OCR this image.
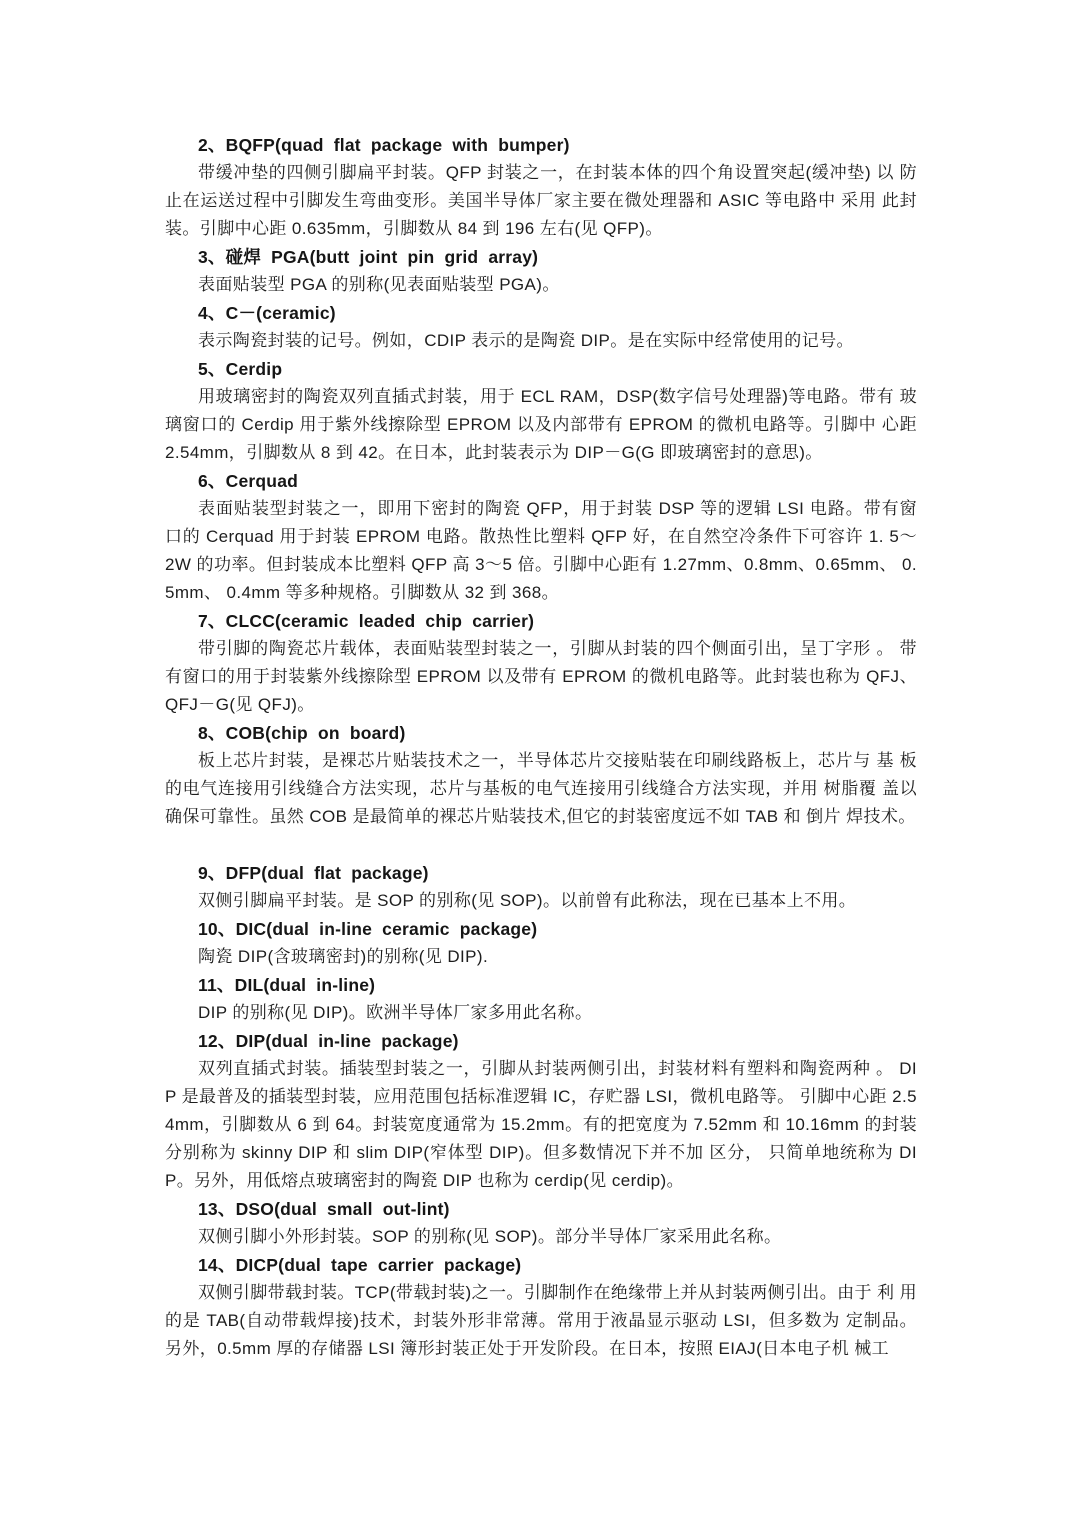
2、BQFP(quad flat package with bumper)

带缓冲垫的四侧引脚扁平封装。QFP 封装之一，在封装本体的四个角设置突起(缓冲垫) 以 防止在运送过程中引脚发生弯曲变形。美国半导体厂家主要在微处理器和 ASIC 等电路中 采用 此封装。引脚中心距 0.635mm，引脚数从 84 到 196 左右(见 QFP)。

3、碰焊 PGA(butt joint pin grid array)

表面贴装型 PGA 的别称(见表面贴装型 PGA)。

4、C－(ceramic)

表示陶瓷封装的记号。例如，CDIP 表示的是陶瓷 DIP。是在实际中经常使用的记号。

5、Cerdip

用玻璃密封的陶瓷双列直插式封装，用于 ECL RAM，DSP(数字信号处理器)等电路。带有 玻璃窗口的 Cerdip 用于紫外线擦除型 EPROM 以及内部带有 EPROM 的微机电路等。引脚中 心距 2.54mm，引脚数从 8 到 42。在日本，此封装表示为 DIP－G(G 即玻璃密封的意思)。

6、Cerquad

表面贴装型封装之一，即用下密封的陶瓷 QFP，用于封装 DSP 等的逻辑 LSI 电路。带有窗 口的 Cerquad 用于封装 EPROM 电路。散热性比塑料 QFP 好，在自然空冷条件下可容许 1. 5～ 2W 的功率。但封装成本比塑料 QFP 高 3～5 倍。引脚中心距有 1.27mm、0.8mm、0.65mm、 0. 5mm、 0.4mm 等多种规格。引脚数从 32 到 368。

7、CLCC(ceramic leaded chip carrier)

带引脚的陶瓷芯片载体，表面贴装型封装之一，引脚从封装的四个侧面引出，呈丁字形 。 带有窗口的用于封装紫外线擦除型 EPROM 以及带有 EPROM 的微机电路等。此封装也称为 QFJ、 QFJ－G(见 QFJ)。

8、COB(chip on board)

板上芯片封装，是裸芯片贴装技术之一，半导体芯片交接贴装在印刷线路板上，芯片与 基 板的电气连接用引线缝合方法实现，芯片与基板的电气连接用引线缝合方法实现，并用 树脂覆 盖以确保可靠性。虽然 COB 是最简单的裸芯片贴装技术,但它的封装密度远不如 TAB 和 倒片 焊技术。

9、DFP(dual flat package)

双侧引脚扁平封装。是 SOP 的别称(见 SOP)。以前曾有此称法，现在已基本上不用。

10、DIC(dual in-line ceramic package)

陶瓷 DIP(含玻璃密封)的别称(见 DIP).

11、DIL(dual in-line)

DIP 的别称(见 DIP)。欧洲半导体厂家多用此名称。

12、DIP(dual in-line package)

双列直插式封装。插装型封装之一，引脚从封装两侧引出，封装材料有塑料和陶瓷两种 。 DI P 是最普及的插装型封装，应用范围包括标准逻辑 IC，存贮器 LSI，微机电路等。 引脚中心距 2.5 4mm，引脚数从 6 到 64。封装宽度通常为 15.2mm。有的把宽度为 7.52mm 和 10.16mm 的封装 分别称为 skinny DIP 和 slim DIP(窄体型 DIP)。但多数情况下并不加 区分， 只简单地统称为 DI P。另外，用低熔点玻璃密封的陶瓷 DIP 也称为 cerdip(见 cerdip)。

13、DSO(dual small out-lint)

双侧引脚小外形封装。SOP 的别称(见 SOP)。部分半导体厂家采用此名称。

14、DICP(dual tape carrier package)

双侧引脚带载封装。TCP(带载封装)之一。引脚制作在绝缘带上并从封装两侧引出。由于 利 用的是 TAB(自动带载焊接)技术，封装外形非常薄。常用于液晶显示驱动 LSI，但多数为 定制品。 另外，0.5mm 厚的存储器 LSI 簿形封装正处于开发阶段。在日本，按照 EIAJ(日本电子机 械工
